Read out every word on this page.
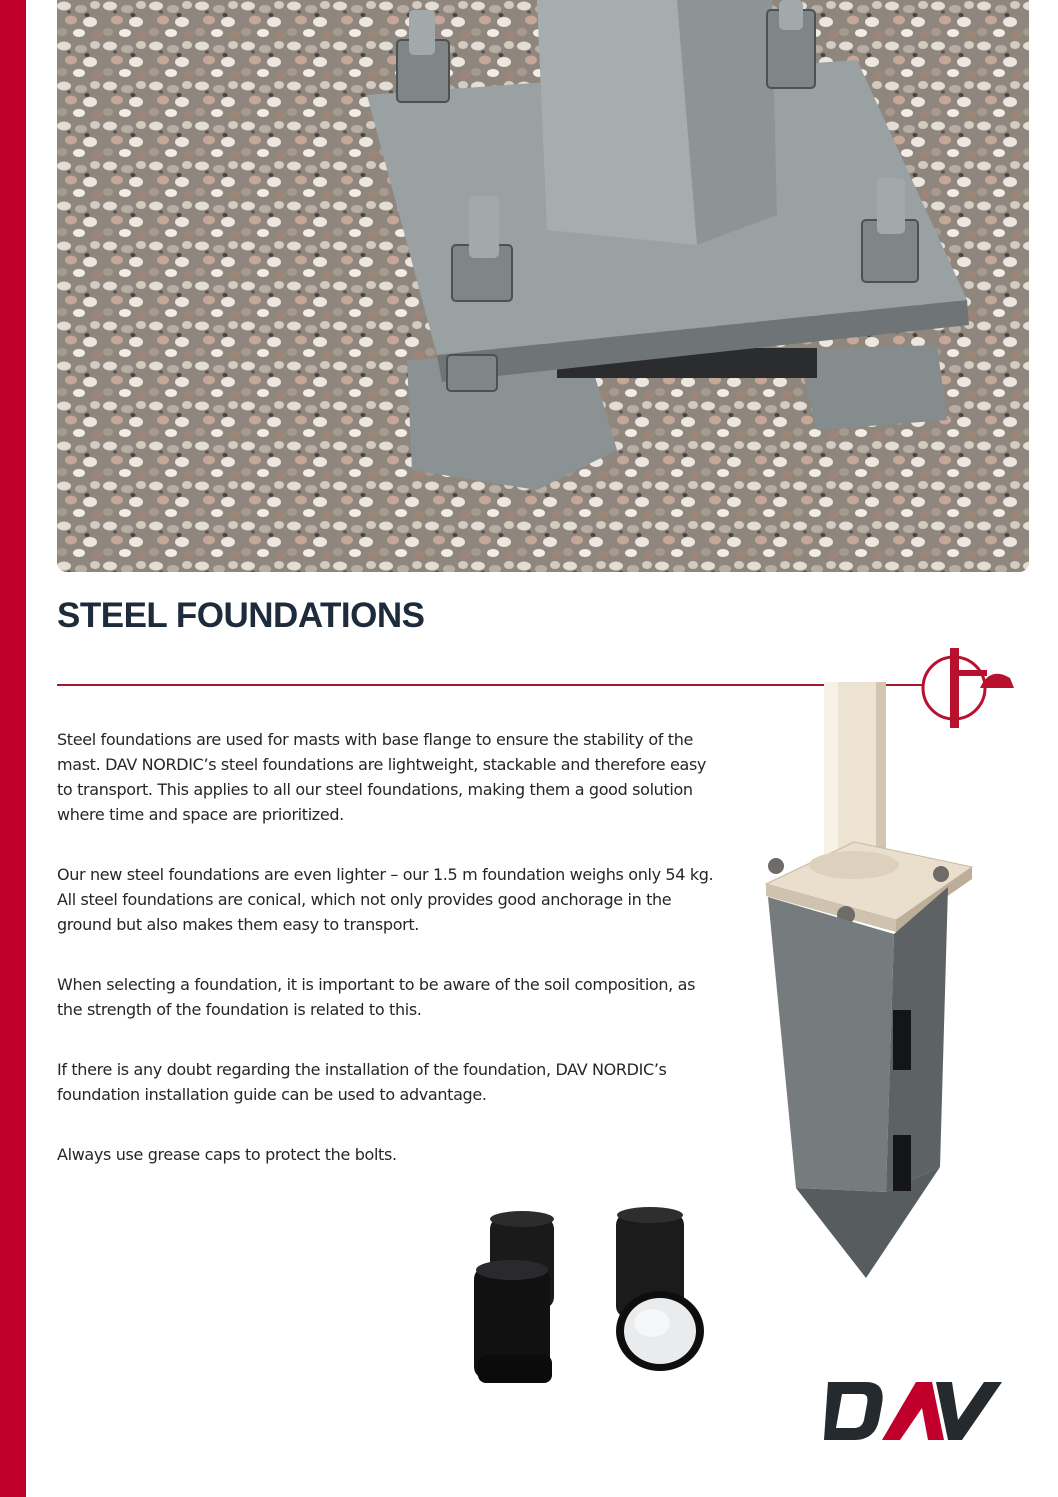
STEEL FOUNDATIONS

Steel foundations are used for masts with base flange to ensure the stability of the mast. DAV NORDIC’s steel foundations are lightweight, stackable and therefore easy to transport. This applies to all our steel foundations, making them a good solution where time and space are prioritized.

Our new steel foundations are even lighter – our 1.5 m foundation weighs only 54 kg. All steel foundations are conical, which not only provides good anchorage in the ground but also makes them easy to transport.

When selecting a foundation, it is important to be aware of the soil composition, as the strength of the foundation is related to this.

If there is any doubt regarding the installation of the foundation, DAV NORDIC’s foundation installation guide can be used to advantage.

Always use grease caps to protect the bolts.
